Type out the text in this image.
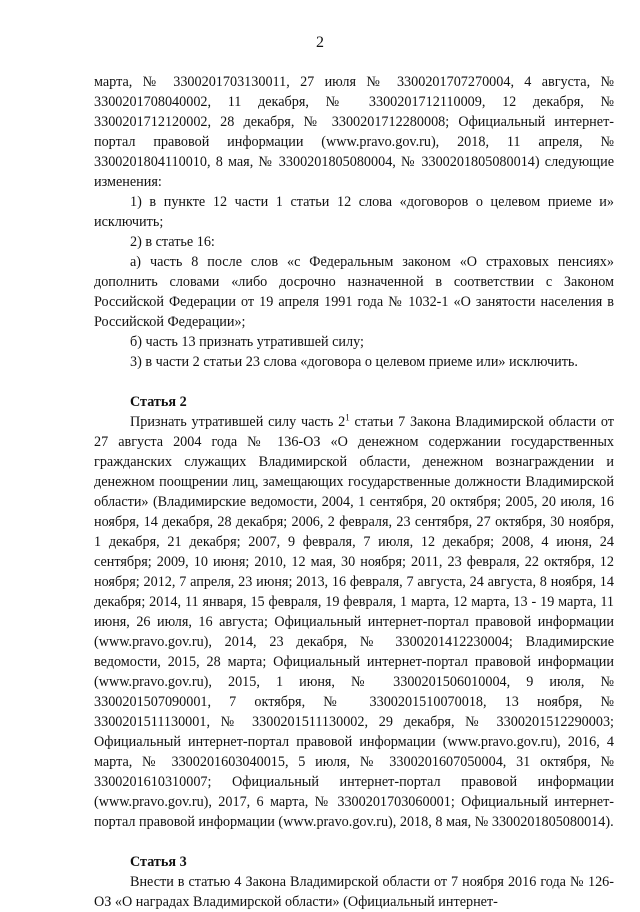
2

марта, № 3300201703130011, 27 июля № 3300201707270004, 4 августа, № 3300201708040002, 11 декабря, № 3300201712110009, 12 декабря, № 3300201712120002, 28 декабря, № 3300201712280008; Официальный интернет-портал правовой информации (www.pravo.gov.ru), 2018, 11 апреля, № 3300201804110010, 8 мая, № 3300201805080004, № 3300201805080014) следующие изменения:

1) в пункте 12 части 1 статьи 12 слова «договоров о целевом приеме и» исключить;

2) в статье 16:

а) часть 8 после слов «с Федеральным законом «О страховых пенсиях» дополнить словами «либо досрочно назначенной в соответствии с Законом Российской Федерации от 19 апреля 1991 года № 1032-1 «О занятости населения в Российской Федерации»;

б) часть 13 признать утратившей силу;

3) в части 2 статьи 23 слова «договора о целевом приеме или» исключить.

Статья 2

Признать утратившей силу часть $2^1$ статьи 7 Закона Владимирской области от 27 августа 2004 года № 136-ОЗ «О денежном содержании государственных гражданских служащих Владимирской области, денежном вознаграждении и денежном поощрении лиц, замещающих государственные должности Владимирской области» (Владимирские ведомости, 2004, 1 сентября, 20 октября; 2005, 20 июля, 16 ноября, 14 декабря, 28 декабря; 2006, 2 февраля, 23 сентября, 27 октября, 30 ноября, 1 декабря, 21 декабря; 2007, 9 февраля, 7 июля, 12 декабря; 2008, 4 июня, 24 сентября; 2009, 10 июня; 2010, 12 мая, 30 ноября; 2011, 23 февраля, 22 октября, 12 ноября; 2012, 7 апреля, 23 июня; 2013, 16 февраля, 7 августа, 24 августа, 8 ноября, 14 декабря; 2014, 11 января, 15 февраля, 19 февраля, 1 марта, 12 марта, 13 - 19 марта, 11 июня, 26 июля, 16 августа; Официальный интернет-портал правовой информации (www.pravo.gov.ru), 2014, 23 декабря, № 3300201412230004; Владимирские ведомости, 2015, 28 марта; Официальный интернет-портал правовой информации (www.pravo.gov.ru), 2015, 1 июня, № 3300201506010004, 9 июля, № 3300201507090001, 7 октября, № 3300201510070018, 13 ноября, № 3300201511130001, № 3300201511130002, 29 декабря, № 3300201512290003; Официальный интернет-портал правовой информации (www.pravo.gov.ru), 2016, 4 марта, № 3300201603040015, 5 июля, № 3300201607050004, 31 октября, № 3300201610310007; Официальный интернет-портал правовой информации (www.pravo.gov.ru), 2017, 6 марта, № 3300201703060001; Официальный интернет-портал правовой информации (www.pravo.gov.ru), 2018, 8 мая, № 3300201805080014).

Статья 3

Внести в статью 4 Закона Владимирской области от 7 ноября 2016 года № 126-ОЗ «О наградах Владимирской области» (Официальный интернет-
